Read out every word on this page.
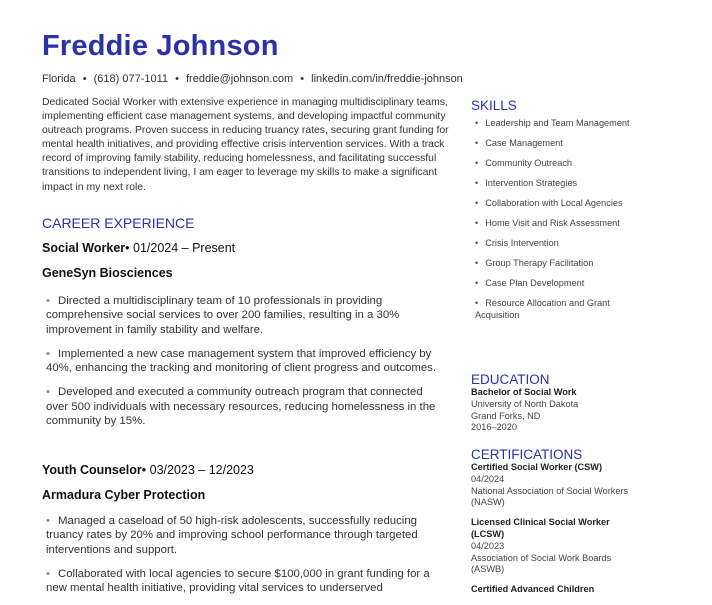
Freddie Johnson
Florida • (618) 077-1011 • freddie@johnson.com • linkedin.com/in/freddie-johnson
Dedicated Social Worker with extensive experience in managing multidisciplinary teams, implementing efficient case management systems, and developing impactful community outreach programs. Proven success in reducing truancy rates, securing grant funding for mental health initiatives, and providing effective crisis intervention services. With a track record of improving family stability, reducing homelessness, and facilitating successful transitions to independent living, I am eager to leverage my skills to make a significant impact in my next role.
CAREER EXPERIENCE
Social Worker• 01/2024 – Present
GeneSyn Biosciences
• Directed a multidisciplinary team of 10 professionals in providing comprehensive social services to over 200 families, resulting in a 30% improvement in family stability and welfare.
• Implemented a new case management system that improved efficiency by 40%, enhancing the tracking and monitoring of client progress and outcomes.
• Developed and executed a community outreach program that connected over 500 individuals with necessary resources, reducing homelessness in the community by 15%.
Youth Counselor• 03/2023 – 12/2023
Armadura Cyber Protection
• Managed a caseload of 50 high-risk adolescents, successfully reducing truancy rates by 20% and improving school performance through targeted interventions and support.
• Collaborated with local agencies to secure $100,000 in grant funding for a new mental health initiative, providing vital services to underserved
SKILLS
• Leadership and Team Management
• Case Management
• Community Outreach
• Intervention Strategies
• Collaboration with Local Agencies
• Home Visit and Risk Assessment
• Crisis Intervention
• Group Therapy Facilitation
• Case Plan Development
• Resource Allocation and Grant Acquisition
EDUCATION
Bachelor of Social Work
University of North Dakota
Grand Forks, ND
2016–2020
CERTIFICATIONS
Certified Social Worker (CSW)
04/2024
National Association of Social Workers (NASW)
Licensed Clinical Social Worker (LCSW)
04/2023
Association of Social Work Boards (ASWB)
Certified Advanced Children
